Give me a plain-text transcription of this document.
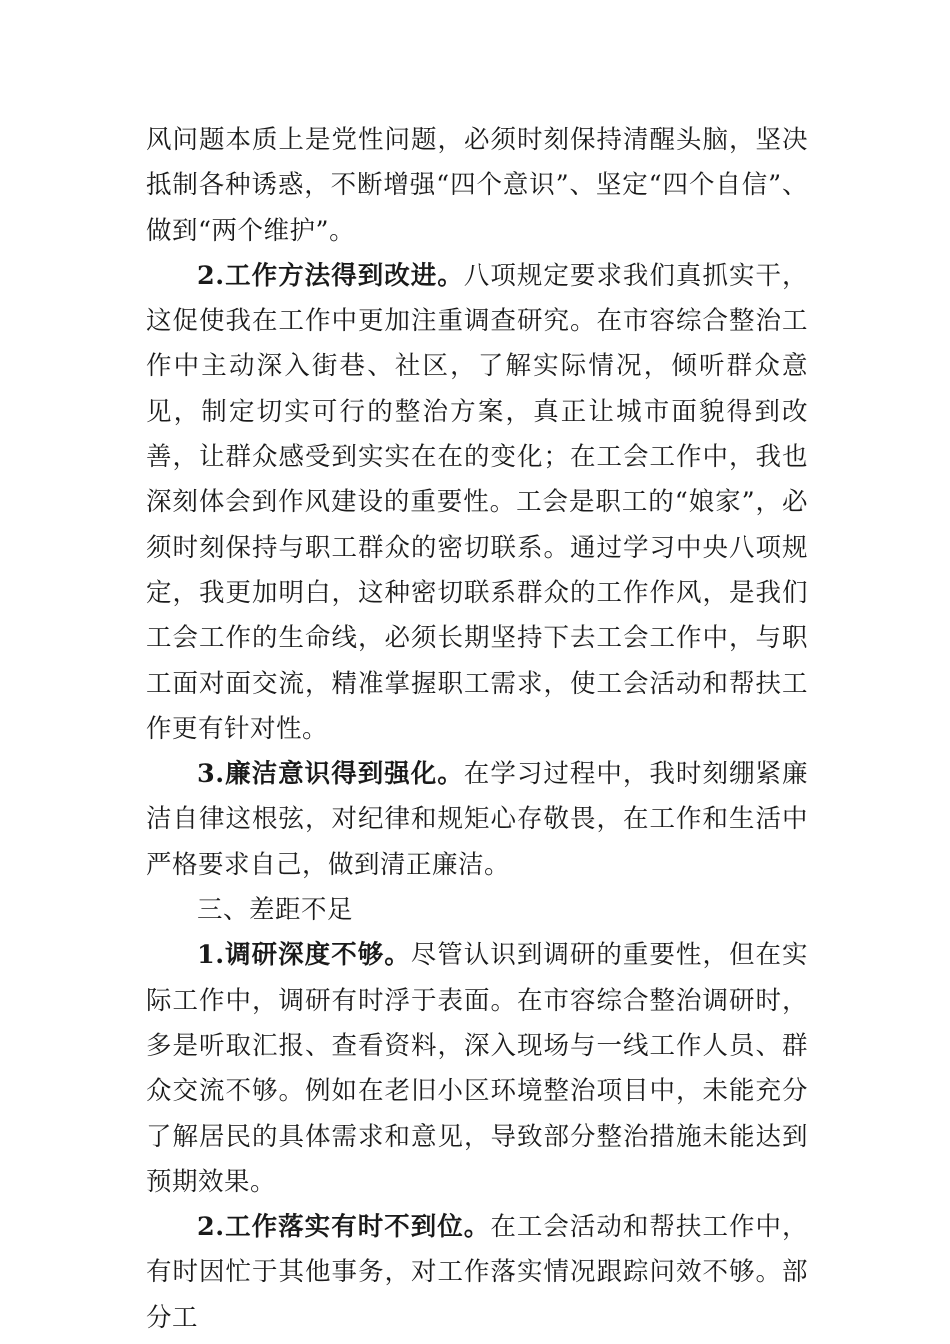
风问题本质上是党性问题，必须时刻保持清醒头脑，坚决抵制各种诱惑，不断增强“四个意识”、坚定“四个自信”、做到“两个维护”。

2.工作方法得到改进。八项规定要求我们真抓实干，这促使我在工作中更加注重调查研究。在市容综合整治工作中主动深入街巷、社区，了解实际情况，倾听群众意见，制定切实可行的整治方案，真正让城市面貌得到改善，让群众感受到实实在在的变化；在工会工作中，我也深刻体会到作风建设的重要性。工会是职工的“娘家”，必须时刻保持与职工群众的密切联系。通过学习中央八项规定，我更加明白，这种密切联系群众的工作作风，是我们工会工作的生命线，必须长期坚持下去工会工作中，与职工面对面交流，精准掌握职工需求，使工会活动和帮扶工作更有针对性。

3.廉洁意识得到强化。在学习过程中，我时刻绷紧廉洁自律这根弦，对纪律和规矩心存敬畏，在工作和生活中严格要求自己，做到清正廉洁。

三、差距不足

1.调研深度不够。尽管认识到调研的重要性，但在实际工作中，调研有时浮于表面。在市容综合整治调研时，多是听取汇报、查看资料，深入现场与一线工作人员、群众交流不够。例如在老旧小区环境整治项目中，未能充分了解居民的具体需求和意见，导致部分整治措施未能达到预期效果。

2.工作落实有时不到位。在工会活动和帮扶工作中，有时因忙于其他事务，对工作落实情况跟踪问效不够。部分工
